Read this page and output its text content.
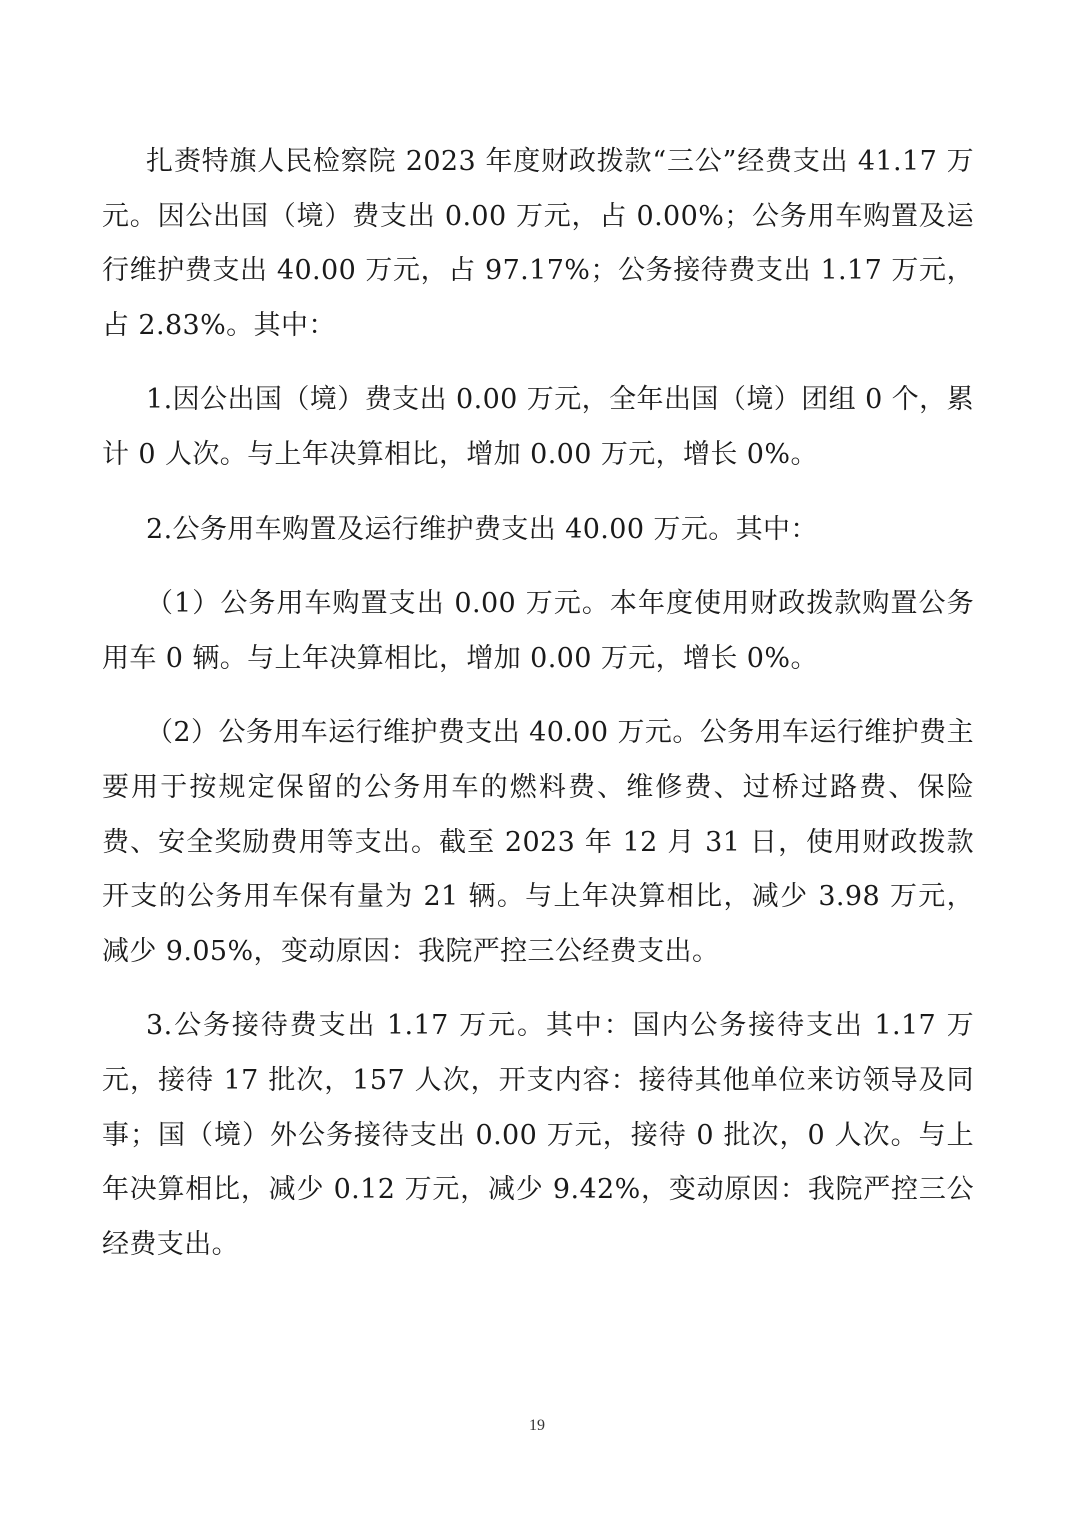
扎赉特旗人民检察院 2023 年度财政拨款“三公”经费支出 41.17 万元。因公出国（境）费支出 0.00 万元，占 0.00%；公务用车购置及运行维护费支出 40.00 万元，占 97.17%；公务接待费支出 1.17 万元，占 2.83%。其中：

1.因公出国（境）费支出 0.00 万元，全年出国（境）团组 0 个，累计 0 人次。与上年决算相比，增加 0.00 万元，增长 0%。

2.公务用车购置及运行维护费支出 40.00 万元。其中：

（1）公务用车购置支出 0.00 万元。本年度使用财政拨款购置公务用车 0 辆。与上年决算相比，增加 0.00 万元，增长 0%。

（2）公务用车运行维护费支出 40.00 万元。公务用车运行维护费主要用于按规定保留的公务用车的燃料费、维修费、过桥过路费、保险费、安全奖励费用等支出。截至 2023 年 12 月 31 日，使用财政拨款开支的公务用车保有量为 21 辆。与上年决算相比，减少 3.98 万元，减少 9.05%，变动原因：我院严控三公经费支出。

3.公务接待费支出 1.17 万元。其中：国内公务接待支出 1.17 万元，接待 17 批次，157 人次，开支内容：接待其他单位来访领导及同事；国（境）外公务接待支出 0.00 万元，接待 0 批次，0 人次。与上年决算相比，减少 0.12 万元，减少 9.42%，变动原因：我院严控三公经费支出。

19
